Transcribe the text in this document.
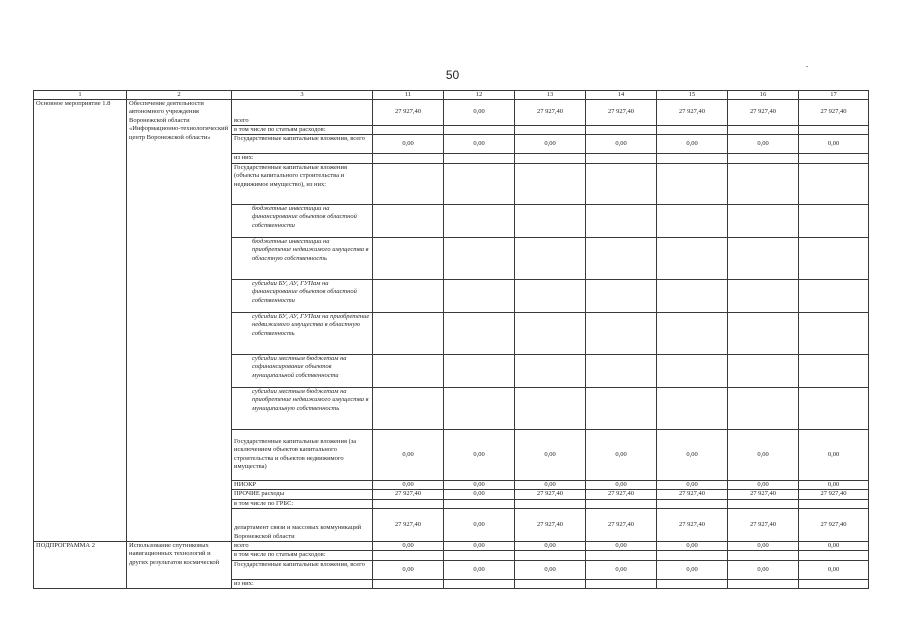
50
1	2	3	11	12	13	14	15	16	17
Основное мероприятие 1.8	Обеспечение деятельности автономного учреждения Воронежской области «Информационно-технологический центр Воронежской области»	всего	27 927,40	0,00	27 927,40	27 927,40	27 927,40	27 927,40	27 927,40
		в том числе по статьям расходов:							
		Государственные капитальные вложения, всего	0,00	0,00	0,00	0,00	0,00	0,00	0,00
		из них:							
		Государственные капитальные вложения (объекты капитального строительства и недвижимое имущество), из них:							
		бюджетные инвестиции на финансирование объектов областной собственности							
		бюджетные инвестиции на приобретение недвижимого имущества в областную собственность							
		субсидии БУ, АУ, ГУПам на финансирование объектов областной собственности							
		субсидии БУ, АУ, ГУПам на приобретение недвижимого имущества в областную собственность							
		субсидии местным бюджетам на софинансирование объектов муниципальной собственности							
		субсидии местным бюджетам на приобретение недвижимого имущества в муниципальную собственность							
		Государственные капитальные вложения (за исключением объектов капитального строительства и объектов недвижимого имущества)	0,00	0,00	0,00	0,00	0,00	0,00	0,00
		НИОКР	0,00	0,00	0,00	0,00	0,00	0,00	0,00
		ПРОЧИЕ расходы	27 927,40	0,00	27 927,40	27 927,40	27 927,40	27 927,40	27 927,40
		в том числе по ГРБС:							
		департамент связи и массовых коммуникаций Воронежской области	27 927,40	0,00	27 927,40	27 927,40	27 927,40	27 927,40	27 927,40
ПОДПРОГРАММА 2	Использование спутниковых навигационных технологий и других результатов космической	всего	0,00	0,00	0,00	0,00	0,00	0,00	0,00
		в том числе по статьям расходов:							
		Государственные капитальные вложения, всего	0,00	0,00	0,00	0,00	0,00	0,00	0,00
		из них:							
